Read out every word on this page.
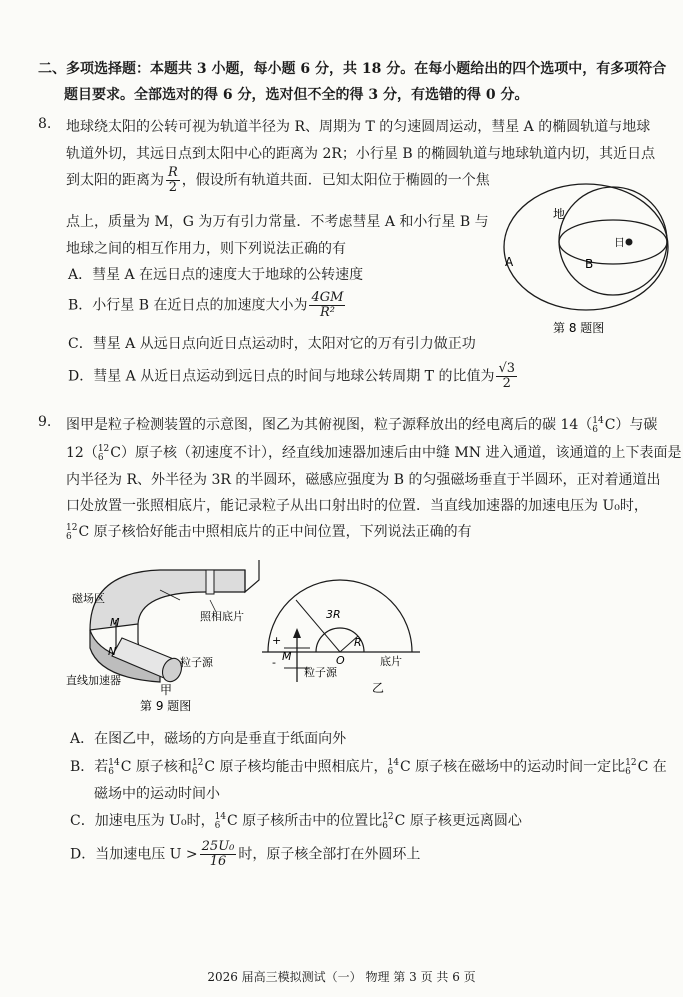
二、多项选择题：本题共 3 小题，每小题 6 分，共 18 分。在每小题给出的四个选项中，有多项符合
题目要求。全部选对的得 6 分，选对但不全的得 3 分，有选错的得 0 分。
8. 地球绕太阳的公转可视为轨道半径为 R、周期为 T 的匀速圆周运动，彗星 A 的椭圆轨道与地球
轨道外切，其远日点到太阳中心的距离为 2R；小行星 B 的椭圆轨道与地球轨道内切，其近日点
到太阳的距离为 $\frac{R}{2}$ ，假设所有轨道共面．已知太阳位于椭圆的一个焦
点上，质量为 M，G 为万有引力常量．不考虑彗星 A 和小行星 B 与
地球之间的相互作用力，则下列说法正确的有
A．彗星 A 在远日点的速度大于地球的公转速度
B．小行星 B 在近日点的加速度大小为 $\frac{4GM}{\text{R²}}$
C．彗星 A 从远日点向近日点运动时，太阳对它的万有引力做正功
D．彗星 A 从近日点运动到远日点的时间与地球公转周期 T 的比值为 $\frac{√3}{2}$
地
日
A	B
第 8 题图
9. 图甲是粒子检测装置的示意图，图乙为其俯视图，粒子源释放出的经电离后的碳 14（ 14
6 C）与碳
12（ 12
6 C）原子核（初速度不计），经直线加速器加速后由中缝 MN 进入通道，该通道的上下表面是
内半径为 R、外半径为 3R 的半圆环，磁感应强度为 B 的匀强磁场垂直于半圆环，正对着通道出
口处放置一张照相底片，能记录粒子从出口射出时的位置．当直线加速器的加速电压为 U₀时，
12
6 C 原子核恰好能击中照相底片的正中间位置，下列说法正确的有
磁场区
照相底片
M
N
粒子源
直线加速器
甲
第 9 题图
3R
R
O
M	底片
粒子源
+
-
乙
A．在图乙中，磁场的方向是垂直于纸面向外
B．若 14
6 C 原子核和 12
6 C 原子核均能击中照相底片， 14
6 C 原子核在磁场中的运动时间一定比 12
6 C 在
磁场中的运动时间小
C．加速电压为 U₀时， 14
6 C 原子核所击中的位置比 12
6 C 原子核更远离圆心
D．当加速电压 $U > \frac{\text{25U₀}}{16}$ 时，原子核全部打在外圆环上
2026 届高三模拟测试（一） 物理 第 3 页 共 6 页
